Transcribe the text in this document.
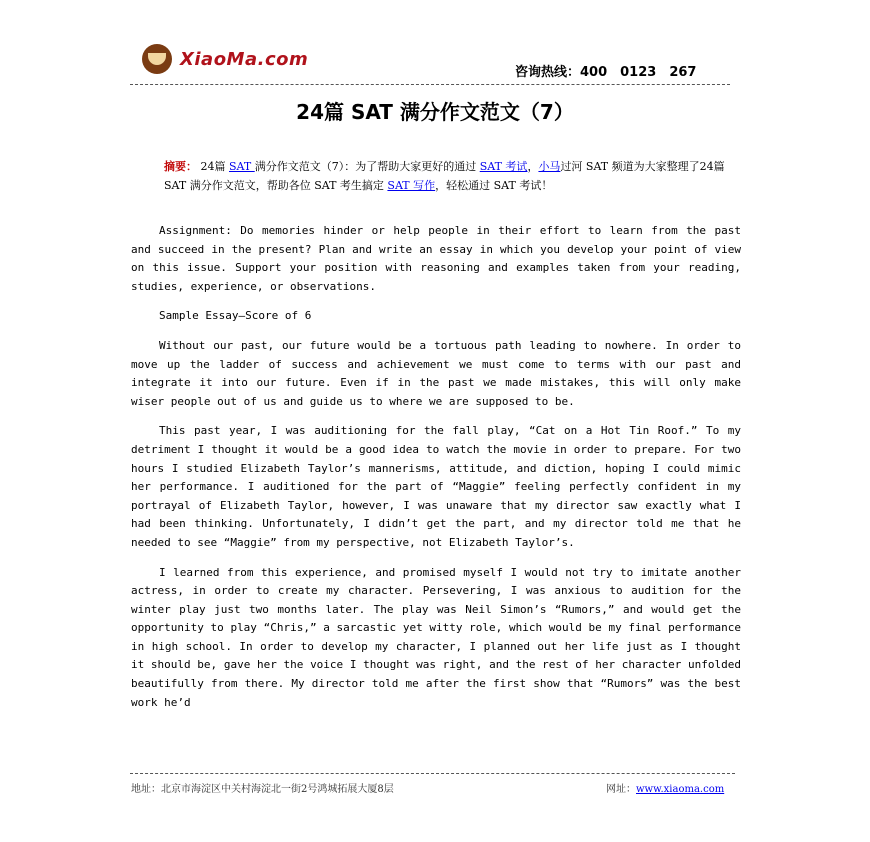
XiaoMa.com
咨询热线：400　0123　267
24篇 SAT 满分作文范文（7）
摘要： 24篇 SAT 满分作文范文（7）：为了帮助大家更好的通过 SAT 考试，小马过河 SAT 频道为大家整理了24篇 SAT 满分作文范文，帮助各位 SAT 考生搞定 SAT 写作，轻松通过 SAT 考试！

Assignment: Do memories hinder or help people in their effort to learn from the past and succeed in the present? Plan and write an essay in which you develop your point of view on this issue. Support your position with reasoning and examples taken from your reading, studies, experience, or observations.

Sample Essay—Score of 6

Without our past, our future would be a tortuous path leading to nowhere. In order to move up the ladder of success and achievement we must come to terms with our past and integrate it into our future. Even if in the past we made mistakes, this will only make wiser people out of us and guide us to where we are supposed to be.

This past year, I was auditioning for the fall play, “Cat on a Hot Tin Roof.” To my detriment I thought it would be a good idea to watch the movie in order to prepare. For two hours I studied Elizabeth Taylor’s mannerisms, attitude, and diction, hoping I could mimic her performance. I auditioned for the part of “Maggie” feeling perfectly confident in my portrayal of Elizabeth Taylor, however, I was unaware that my director saw exactly what I had been thinking. Unfortunately, I didn’t get the part, and my director told me that he needed to see “Maggie” from my perspective, not Elizabeth Taylor’s.

I learned from this experience, and promised myself I would not try to imitate another actress, in order to create my character. Persevering, I was anxious to audition for the winter play just two months later. The play was Neil Simon’s “Rumors,” and would get the opportunity to play “Chris,” a sarcastic yet witty role, which would be my final performance in high school. In order to develop my character, I planned out her life just as I thought it should be, gave her the voice I thought was right, and the rest of her character unfolded beautifully from there. My director told me after the first show that “Rumors” was the best work he’d

地址：北京市海淀区中关村海淀北一街2号鸿城拓展大厦8层	网址：www.xiaoma.com
